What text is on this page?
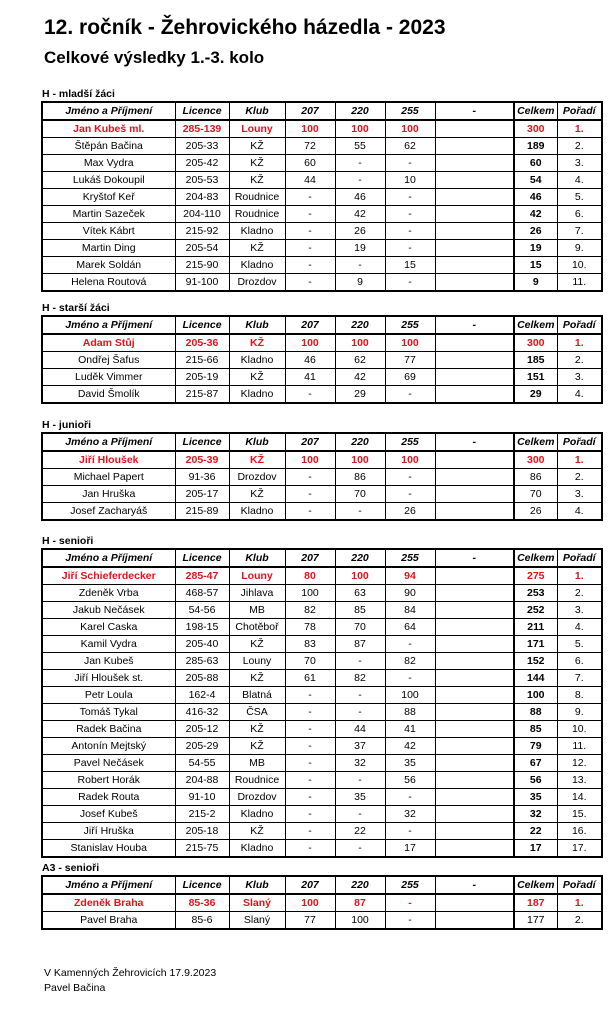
12. ročník - Žehrovického házedla - 2023
Celkové výsledky 1.-3. kolo
H - mladší žáci
Jméno a Příjmení	Licence	Klub	207	220	255	-	Celkem	Pořadí
Jan Kubeš ml.	285-139	Louny	100	100	100		300	1.
Štěpán Bačina	205-33	KŽ	72	55	62		189	2.
Max Vydra	205-42	KŽ	60	-	-		60	3.
Lukáš Dokoupil	205-53	KŽ	44	-	10		54	4.
Kryštof Keř	204-83	Roudnice	-	46	-		46	5.
Martin Sazeček	204-110	Roudnice	-	42	-		42	6.
Vítek Kábrt	215-92	Kladno	-	26	-		26	7.
Martin Ding	205-54	KŽ	-	19	-		19	9.
Marek Soldán	215-90	Kladno	-	-	15		15	10.
Helena Routová	91-100	Drozdov	-	9	-		9	11.
H - starší žáci
Jméno a Příjmení	Licence	Klub	207	220	255	-	Celkem	Pořadí
Adam Stůj	205-36	KŽ	100	100	100		300	1.
Ondřej Šafus	215-66	Kladno	46	62	77		185	2.
Luděk Vimmer	205-19	KŽ	41	42	69		151	3.
David Šmolík	215-87	Kladno	-	29	-		29	4.
H - junioři
Jméno a Příjmení	Licence	Klub	207	220	255	-	Celkem	Pořadí
Jiří Hloušek	205-39	KŽ	100	100	100		300	1.
Michael Papert	91-36	Drozdov	-	86	-		86	2.
Jan Hruška	205-17	KŽ	-	70	-		70	3.
Josef Zacharyáš	215-89	Kladno	-	-	26		26	4.
H - senioři
Jméno a Příjmení	Licence	Klub	207	220	255	-	Celkem	Pořadí
Jiří Schieferdecker	285-47	Louny	80	100	94		275	1.
Zdeněk Vrba	468-57	Jihlava	100	63	90		253	2.
Jakub Nečásek	54-56	MB	82	85	84		252	3.
Karel Caska	198-15	Chotěboř	78	70	64		211	4.
Kamil Vydra	205-40	KŽ	83	87	-		171	5.
Jan Kubeš	285-63	Louny	70	-	82		152	6.
Jiří Hloušek st.	205-88	KŽ	61	82	-		144	7.
Petr Loula	162-4	Blatná	-	-	100		100	8.
Tomáš Tykal	416-32	ČSA	-	-	88		88	9.
Radek Bačina	205-12	KŽ	-	44	41		85	10.
Antonín Mejtský	205-29	KŽ	-	37	42		79	11.
Pavel Nečásek	54-55	MB	-	32	35		67	12.
Robert Horák	204-88	Roudnice	-	-	56		56	13.
Radek Routa	91-10	Drozdov	-	35	-		35	14.
Josef Kubeš	215-2	Kladno	-	-	32		32	15.
Jiří Hruška	205-18	KŽ	-	22	-		22	16.
Stanislav Houba	215-75	Kladno	-	-	17		17	17.
A3 - senioři
Jméno a Příjmení	Licence	Klub	207	220	255	-	Celkem	Pořadí
Zdeněk Braha	85-36	Slaný	100	87	-		187	1.
Pavel Braha	85-6	Slaný	77	100	-		177	2.
V Kamenných Žehrovicích 17.9.2023
Pavel Bačina
